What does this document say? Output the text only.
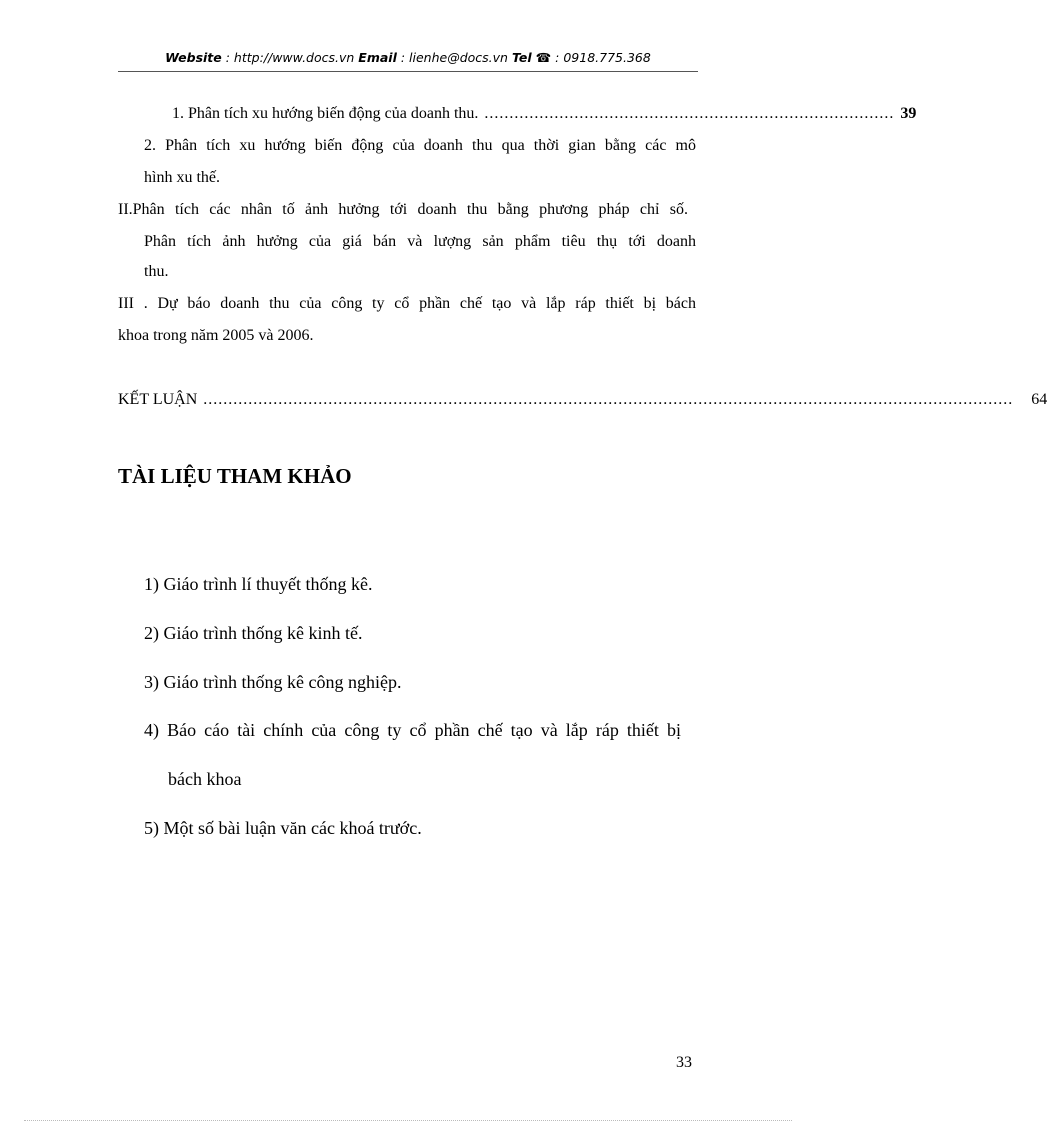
Website : http://www.docs.vn Email : lienhe@docs.vn Tel ☎ : 0918.775.368
1. Phân tích xu hướng biến động của doanh thu. .................................................................................. 39
2. Phân tích xu hướng biến động của doanh thu qua thời gian bằng các mô
hình xu thế.
II.Phân tích các nhân tố ảnh hưởng tới doanh thu bằng phương pháp chỉ số.
Phân tích ảnh hưởng của giá bán và lượng sản phẩm tiêu thụ tới doanh
thu.
III . Dự báo doanh thu của công ty cổ phần chế tạo và lắp ráp thiết bị bách
khoa trong năm 2005 và 2006.
KẾT LUẬN .................................................................................................................................................................. 64
TÀI LIỆU THAM KHẢO
1) Giáo trình lí thuyết thống kê.
2) Giáo trình thống kê kinh tế.
3) Giáo trình thống kê công nghiệp.
4) Báo cáo tài chính của công ty cổ phần chế tạo và lắp ráp thiết bị
bách khoa
5) Một số bài luận văn các khoá trước.
33
